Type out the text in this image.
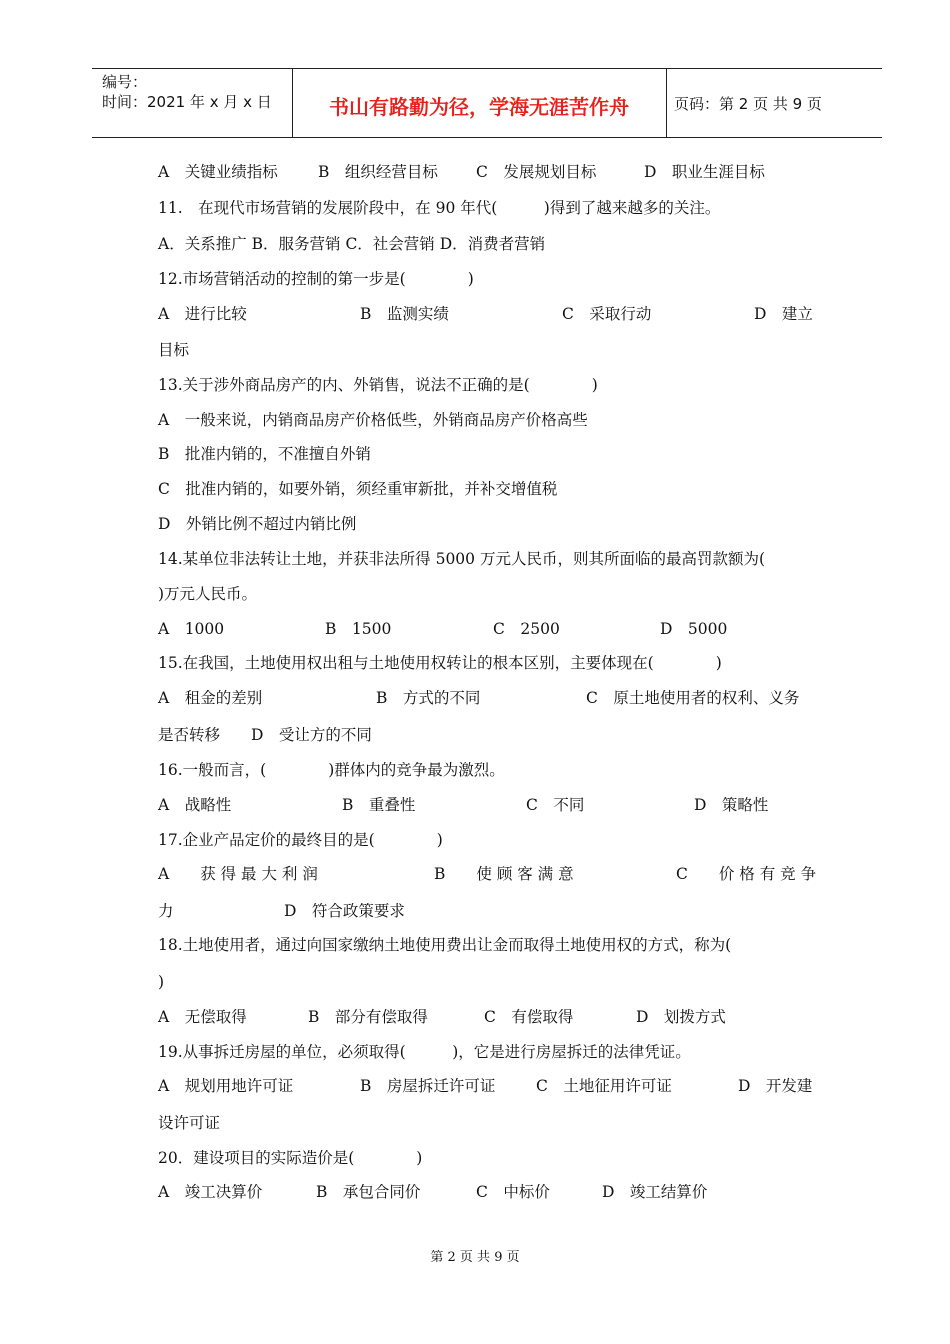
编号：
时间：2021 年 x 月 x 日	书山有路勤为径，学海无涯苦作舟	页码：第 2 页 共 9 页
A　关键业绩指标	B　组织经营目标 C　发展规划目标	D　职业生涯目标
11.　在现代市场营销的发展阶段中，在 90 年代(　　　)得到了越来越多的关注。
A．关系推广 B．服务营销 C．社会营销 D．消费者营销
12.市场营销活动的控制的第一步是(　　　　)
A　进行比较	B　监测实绩	C　采取行动	D　建立
目标
13.关于涉外商品房产的内、外销售，说法不正确的是(　　　　)
A　一般来说，内销商品房产价格低些，外销商品房产价格高些
B　批准内销的，不准擅自外销
C　批准内销的，如要外销，须经重审新批，并补交增值税
D　外销比例不超过内销比例
14.某单位非法转让土地，并获非法所得 5000 万元人民币，则其所面临的最高罚款额为(
)万元人民币。
A　1000	B　1500	C　2500	D　5000
15.在我国，土地使用权出租与土地使用权转让的根本区别，主要体现在(　　　　)
A　租金的差别	B　方式的不同	C　原土地使用者的权利、义务
是否转移　　D　受让方的不同
16.一般而言，(　　　　)群体内的竞争最为激烈。
A　战略性	B　重叠性	C　不同	D　策略性
17.企业产品定价的最终目的是(　　　　)
A　　获 得 最 大 利 润	B　　使 顾 客 满 意	C　　价 格 有 竞 争
力	D　符合政策要求
18.土地使用者，通过向国家缴纳土地使用费出让金而取得土地使用权的方式，称为(
)
A　无偿取得	B　部分有偿取得	C　有偿取得	D　划拨方式
19.从事拆迁房屋的单位，必须取得(　　　)，它是进行房屋拆迁的法律凭证。
A　规划用地许可证	B　房屋拆迁许可证	C　土地征用许可证	D　开发建
设许可证
20．建设项目的实际造价是(　　　　)
A　竣工决算价	B　承包合同价	C　中标价	D　竣工结算价
第 2 页 共 9 页
